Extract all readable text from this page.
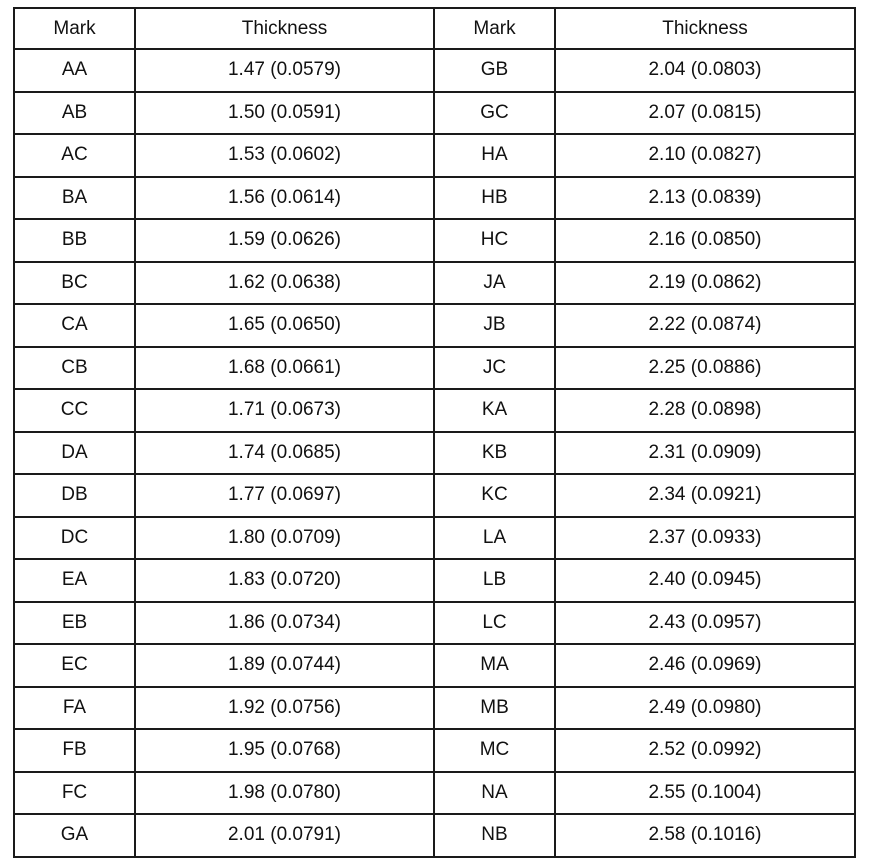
Mark	Thickness	Mark	Thickness
AA	1.47 (0.0579)	GB	2.04 (0.0803)
AB	1.50 (0.0591)	GC	2.07 (0.0815)
AC	1.53 (0.0602)	HA	2.10 (0.0827)
BA	1.56 (0.0614)	HB	2.13 (0.0839)
BB	1.59 (0.0626)	HC	2.16 (0.0850)
BC	1.62 (0.0638)	JA	2.19 (0.0862)
CA	1.65 (0.0650)	JB	2.22 (0.0874)
CB	1.68 (0.0661)	JC	2.25 (0.0886)
CC	1.71 (0.0673)	KA	2.28 (0.0898)
DA	1.74 (0.0685)	KB	2.31 (0.0909)
DB	1.77 (0.0697)	KC	2.34 (0.0921)
DC	1.80 (0.0709)	LA	2.37 (0.0933)
EA	1.83 (0.0720)	LB	2.40 (0.0945)
EB	1.86 (0.0734)	LC	2.43 (0.0957)
EC	1.89 (0.0744)	MA	2.46 (0.0969)
FA	1.92 (0.0756)	MB	2.49 (0.0980)
FB	1.95 (0.0768)	MC	2.52 (0.0992)
FC	1.98 (0.0780)	NA	2.55 (0.1004)
GA	2.01 (0.0791)	NB	2.58 (0.1016)
